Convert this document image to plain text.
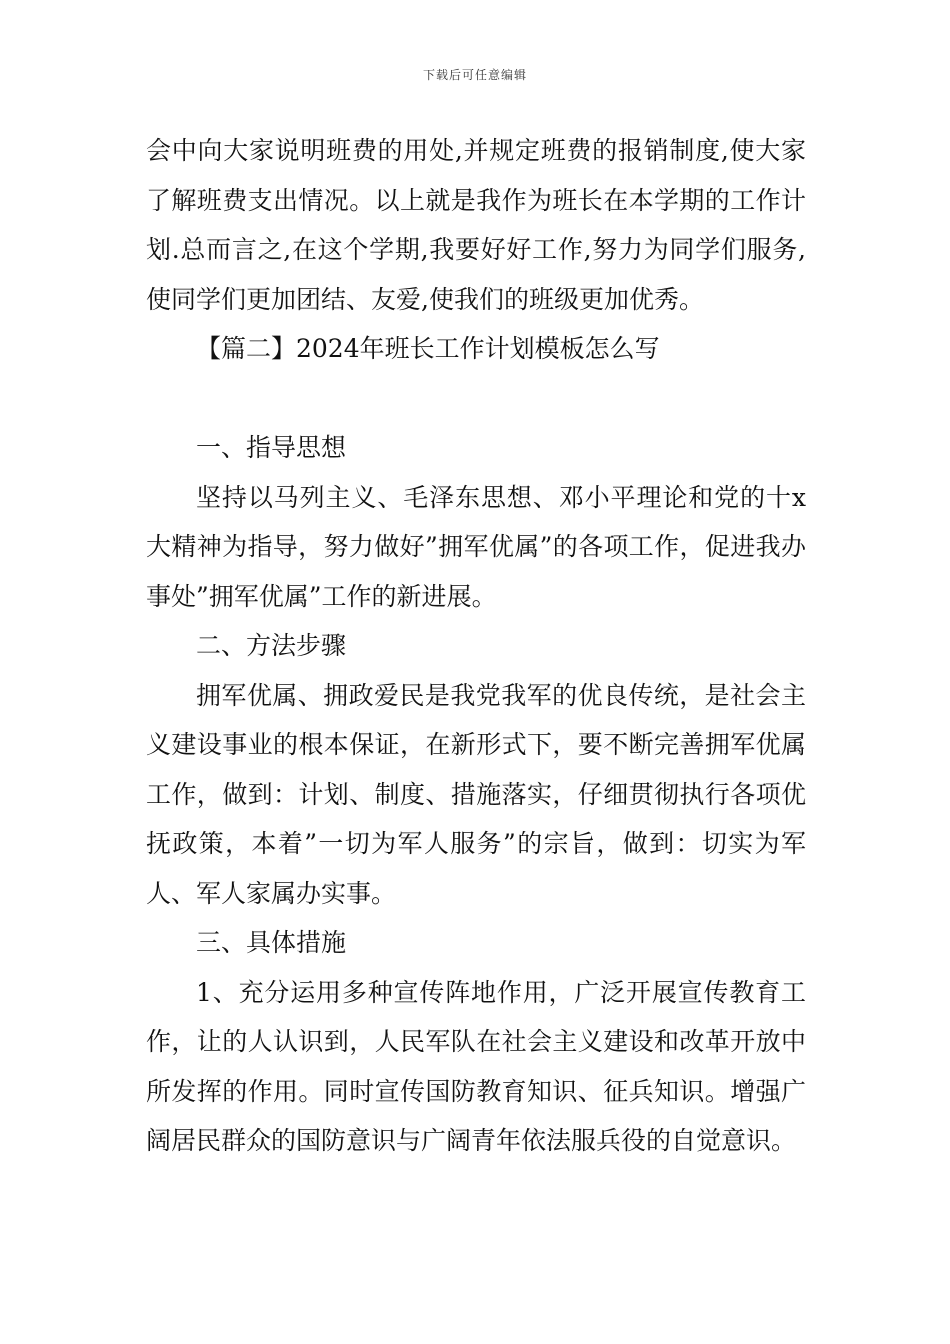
下载后可任意编辑

会中向大家说明班费的用处,并规定班费的报销制度,使大家了解班费支出情况。以上就是我作为班长在本学期的工作计划.总而言之,在这个学期,我要好好工作,努力为同学们服务,使同学们更加团结、友爱,使我们的班级更加优秀。

【篇二】2024年班长工作计划模板怎么写

一、指导思想

坚持以马列主义、毛泽东思想、邓小平理论和党的十x大精神为指导，努力做好”拥军优属”的各项工作，促进我办事处”拥军优属”工作的新进展。

二、方法步骤

拥军优属、拥政爱民是我党我军的优良传统，是社会主义建设事业的根本保证，在新形式下，要不断完善拥军优属工作，做到：计划、制度、措施落实，仔细贯彻执行各项优抚政策，本着”一切为军人服务”的宗旨，做到：切实为军人、军人家属办实事。

三、具体措施

1、充分运用多种宣传阵地作用，广泛开展宣传教育工作，让的人认识到，人民军队在社会主义建设和改革开放中所发挥的作用。同时宣传国防教育知识、征兵知识。增强广阔居民群众的国防意识与广阔青年依法服兵役的自觉意识。
